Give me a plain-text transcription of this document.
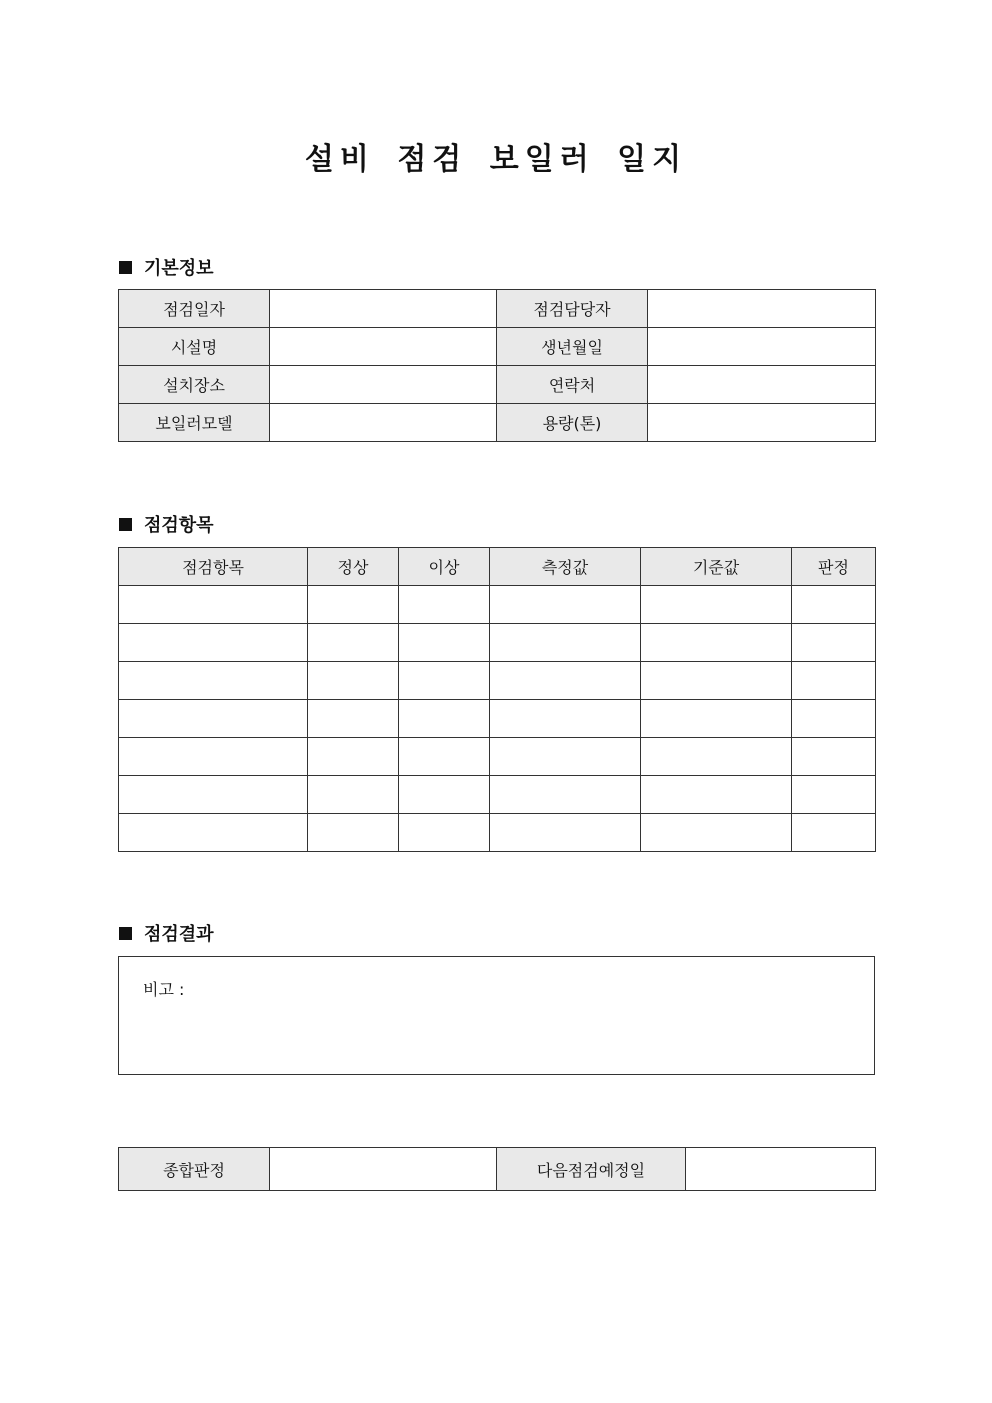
설비 점검 보일러 일지
기본정보
점검일자		점검담당자	
시설명		생년월일	
설치장소		연락처	
보일러모델		용량(톤)	
점검항목
점검항목	정상	이상	측정값	기준값	판정

점검결과
비고 :
종합판정		다음점검예정일	
